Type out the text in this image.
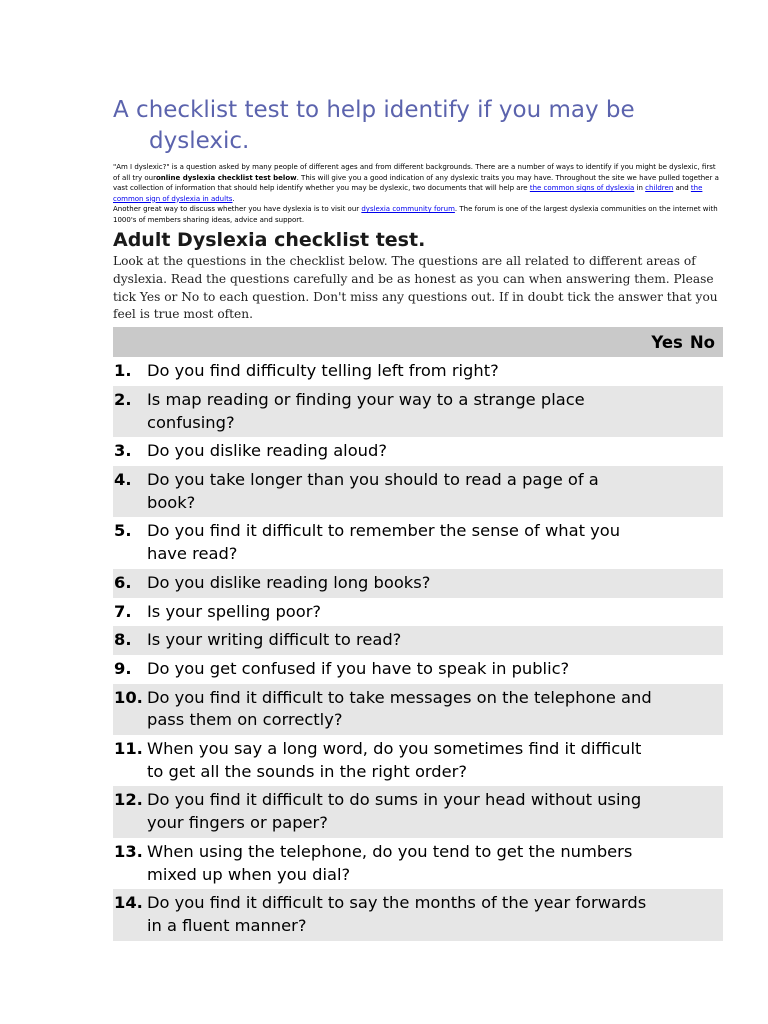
A checklist test to help identify if you may be dyslexic.

"Am I dyslexic?" is a question asked by many people of different ages and from different backgrounds. There are a number of ways to identify if you might be dyslexic, first of all try ouronline dyslexia checklist test below. This will give you a good indication of any dyslexic traits you may have. Throughout the site we have pulled together a vast collection of information that should help identify whether you may be dyslexic, two documents that will help are the common signs of dyslexia in children and the common sign of dyslexia in adults.

Another great way to discuss whether you have dyslexia is to visit our dyslexia community forum. The forum is one of the largest dyslexia communities on the internet with 1000's of members sharing ideas, advice and support.

Adult Dyslexia checklist test.

Look at the questions in the checklist below. The questions are all related to different areas of dyslexia. Read the questions carefully and be as honest as you can when answering them. Please tick Yes or No to each question. Don't miss any questions out. If in doubt tick the answer that you feel is true most often.

Yes No
1. Do you find difficulty telling left from right?
2. Is map reading or finding your way to a strange place confusing?
3. Do you dislike reading aloud?
4. Do you take longer than you should to read a page of a book?
5. Do you find it difficult to remember the sense of what you have read?
6. Do you dislike reading long books?
7. Is your spelling poor?
8. Is your writing difficult to read?
9. Do you get confused if you have to speak in public?
10. Do you find it difficult to take messages on the telephone and pass them on correctly?
11. When you say a long word, do you sometimes find it difficult to get all the sounds in the right order?
12. Do you find it difficult to do sums in your head without using your fingers or paper?
13. When using the telephone, do you tend to get the numbers mixed up when you dial?
14. Do you find it difficult to say the months of the year forwards in a fluent manner?
